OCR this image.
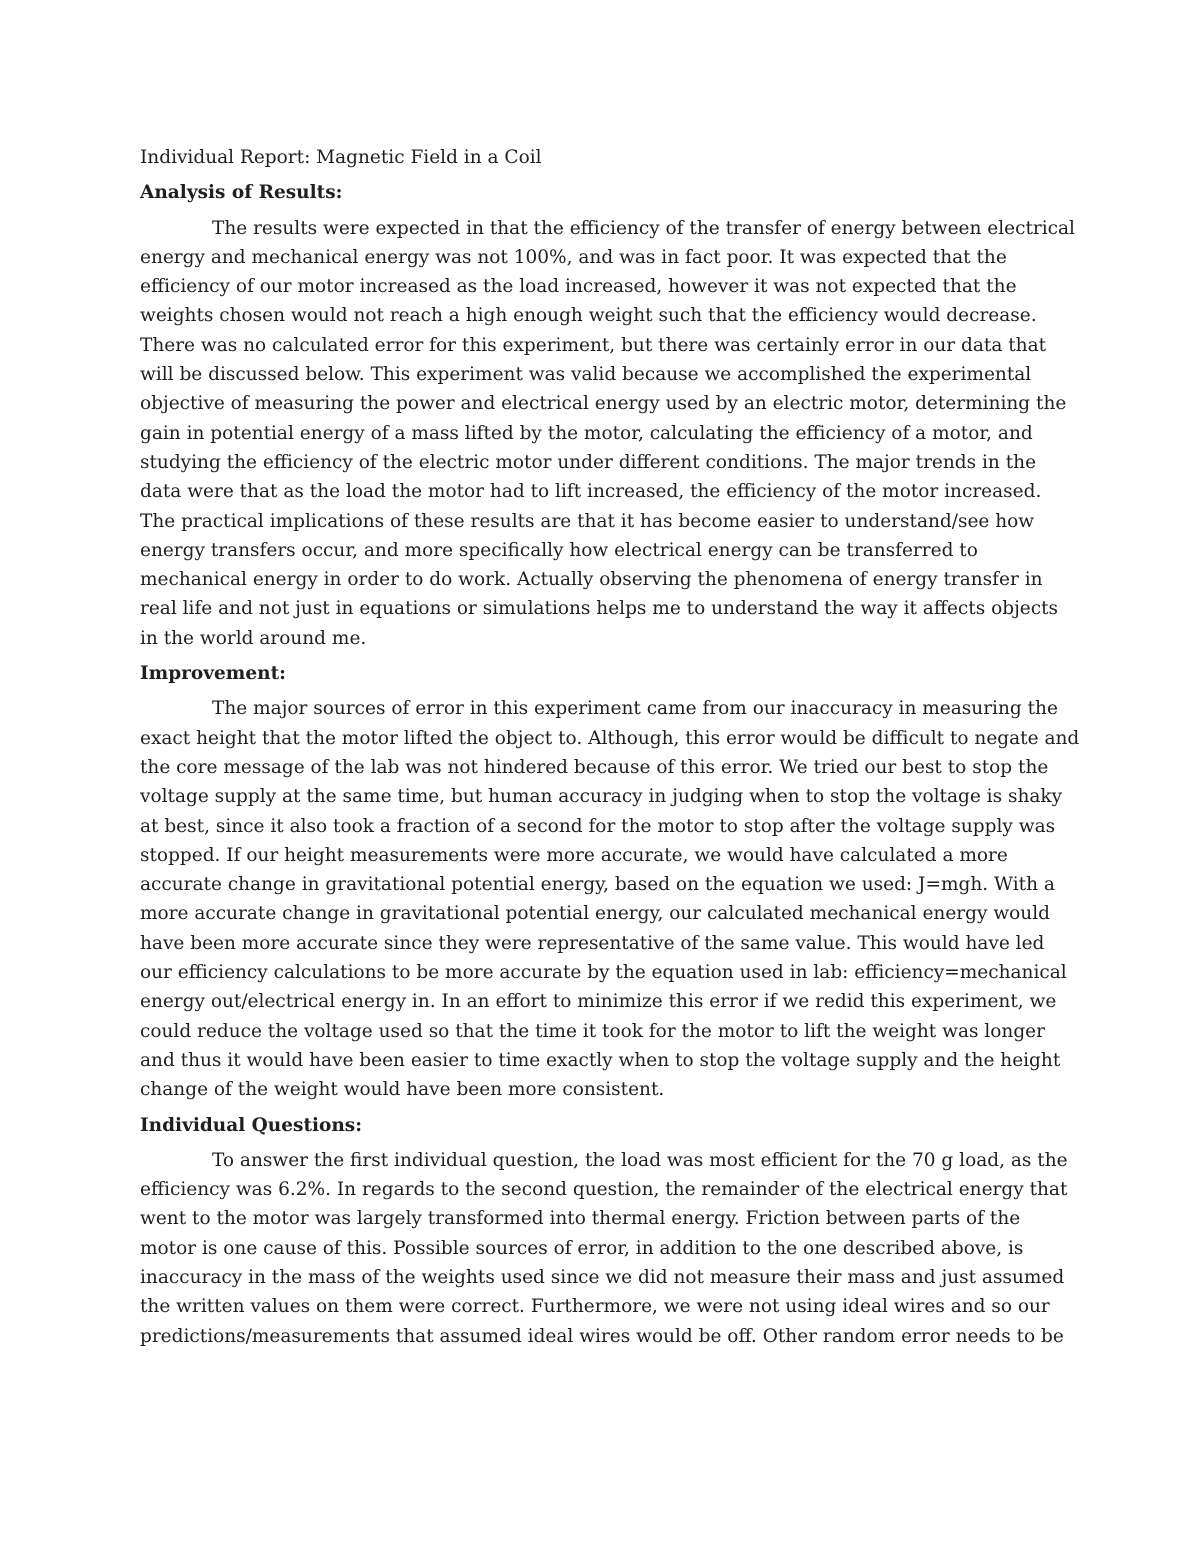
Individual Report: Magnetic Field in a Coil
Analysis of Results:
The results were expected in that the efficiency of the transfer of energy between electrical energy and mechanical energy was not 100%, and was in fact poor. It was expected that the efficiency of our motor increased as the load increased, however it was not expected that the weights chosen would not reach a high enough weight such that the efficiency would decrease. There was no calculated error for this experiment, but there was certainly error in our data that will be discussed below. This experiment was valid because we accomplished the experimental objective of measuring the power and electrical energy used by an electric motor, determining the gain in potential energy of a mass lifted by the motor, calculating the efficiency of a motor, and studying the efficiency of the electric motor under different conditions. The major trends in the data were that as the load the motor had to lift increased, the efficiency of the motor increased. The practical implications of these results are that it has become easier to understand/see how energy transfers occur, and more specifically how electrical energy can be transferred to mechanical energy in order to do work. Actually observing the phenomena of energy transfer in real life and not just in equations or simulations helps me to understand the way it affects objects in the world around me.
Improvement:
The major sources of error in this experiment came from our inaccuracy in measuring the exact height that the motor lifted the object to. Although, this error would be difficult to negate and the core message of the lab was not hindered because of this error. We tried our best to stop the voltage supply at the same time, but human accuracy in judging when to stop the voltage is shaky at best, since it also took a fraction of a second for the motor to stop after the voltage supply was stopped. If our height measurements were more accurate, we would have calculated a more accurate change in gravitational potential energy, based on the equation we used: J=mgh. With a more accurate change in gravitational potential energy, our calculated mechanical energy would have been more accurate since they were representative of the same value. This would have led our efficiency calculations to be more accurate by the equation used in lab: efficiency=mechanical energy out/electrical energy in. In an effort to minimize this error if we redid this experiment, we could reduce the voltage used so that the time it took for the motor to lift the weight was longer and thus it would have been easier to time exactly when to stop the voltage supply and the height change of the weight would have been more consistent.
Individual Questions:
To answer the first individual question, the load was most efficient for the 70 g load, as the efficiency was 6.2%. In regards to the second question, the remainder of the electrical energy that went to the motor was largely transformed into thermal energy. Friction between parts of the motor is one cause of this. Possible sources of error, in addition to the one described above, is inaccuracy in the mass of the weights used since we did not measure their mass and just assumed the written values on them were correct. Furthermore, we were not using ideal wires and so our predictions/measurements that assumed ideal wires would be off. Other random error needs to be
